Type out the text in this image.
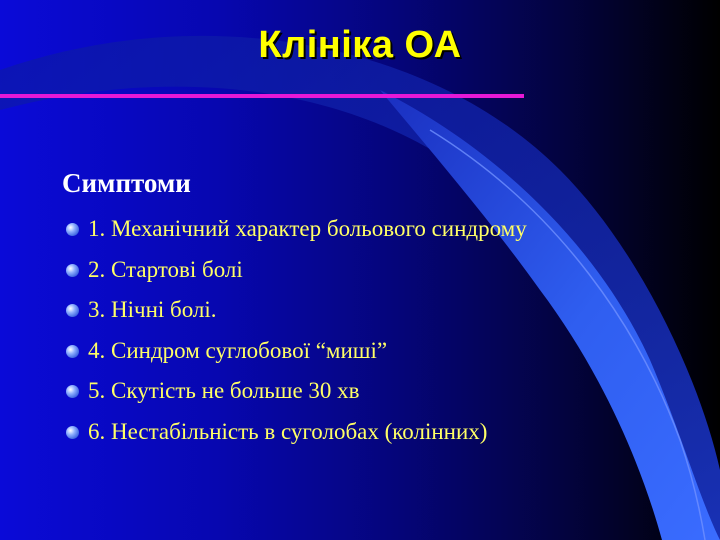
Клініка ОА
Симптоми
1. Механічний характер больового синдрому
2. Стартові болі
3. Нічні болі.
4. Синдром суглобової “миші”
5. Скутість не больше 30 хв
6. Нестабільність в суголобах (колінних)
